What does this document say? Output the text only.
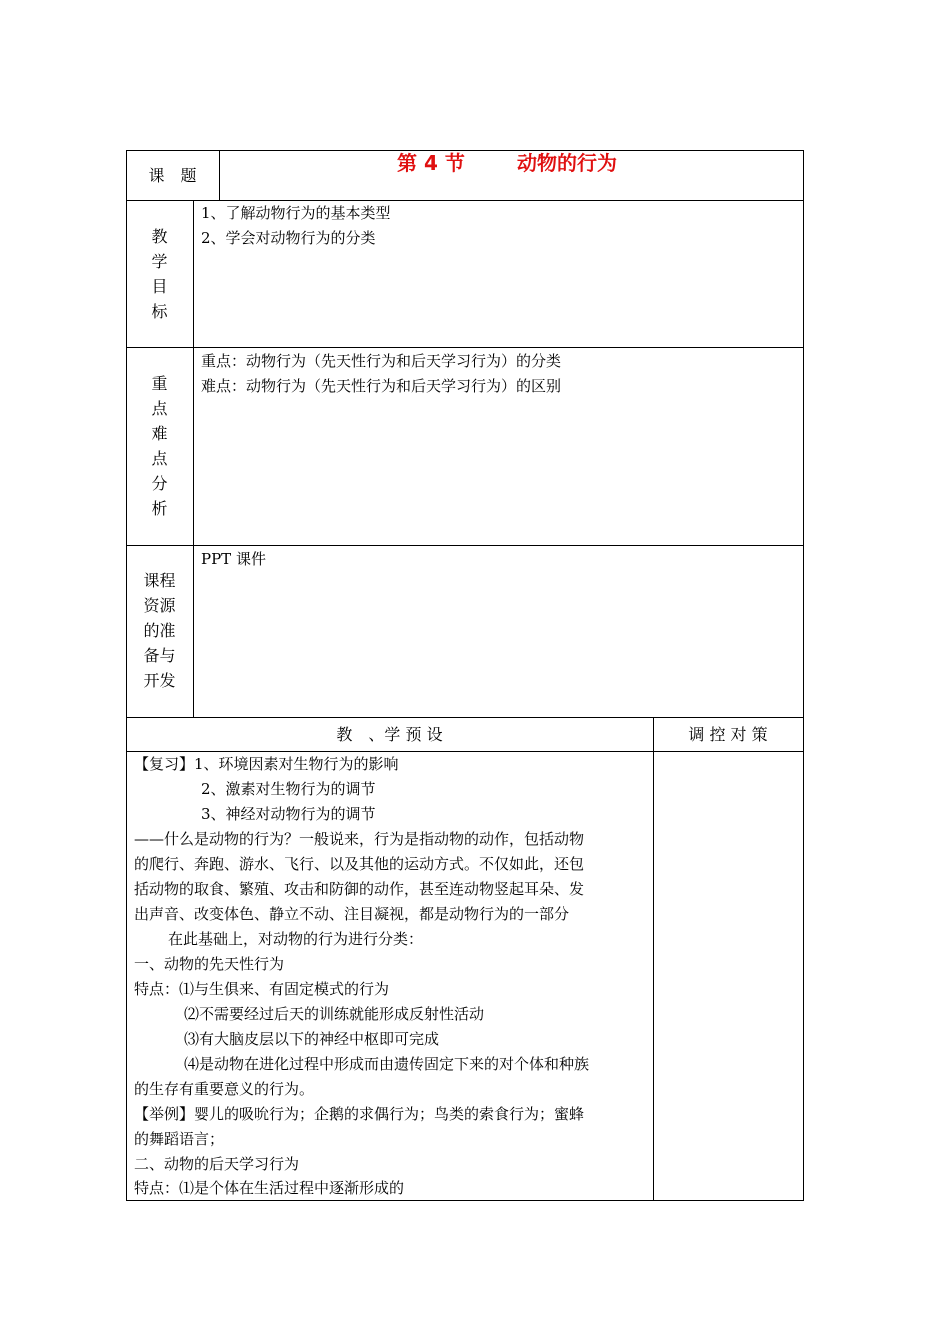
课　题
第 4 节	动物的行为
教
学
目
标
1、了解动物行为的基本类型
2、学会对动物行为的分类
重
点
难
点
分
析
重点：动物行为（先天性行为和后天学习行为）的分类
难点：动物行为（先天性行为和后天学习行为）的区别
课程
资源
的准
备与
开发
PPT 课件
教　、学 预 设	调 控 对 策
【复习】1、环境因素对生物行为的影响
2、激素对生物行为的调节
3、神经对动物行为的调节
——什么是动物的行为？一般说来，行为是指动物的动作，包括动物
的爬行、奔跑、游水、飞行、以及其他的运动方式。不仅如此，还包
括动物的取食、繁殖、攻击和防御的动作，甚至连动物竖起耳朵、发
出声音、改变体色、静立不动、注目凝视，都是动物行为的一部分
在此基础上，对动物的行为进行分类：
一、动物的先天性行为
特点：⑴与生俱来、有固定模式的行为
⑵不需要经过后天的训练就能形成反射性活动
⑶有大脑皮层以下的神经中枢即可完成
⑷是动物在进化过程中形成而由遗传固定下来的对个体和种族
的生存有重要意义的行为。
【举例】婴儿的吸吮行为；企鹅的求偶行为；鸟类的索食行为；蜜蜂
的舞蹈语言；
二、动物的后天学习行为
特点：⑴是个体在生活过程中逐渐形成的
